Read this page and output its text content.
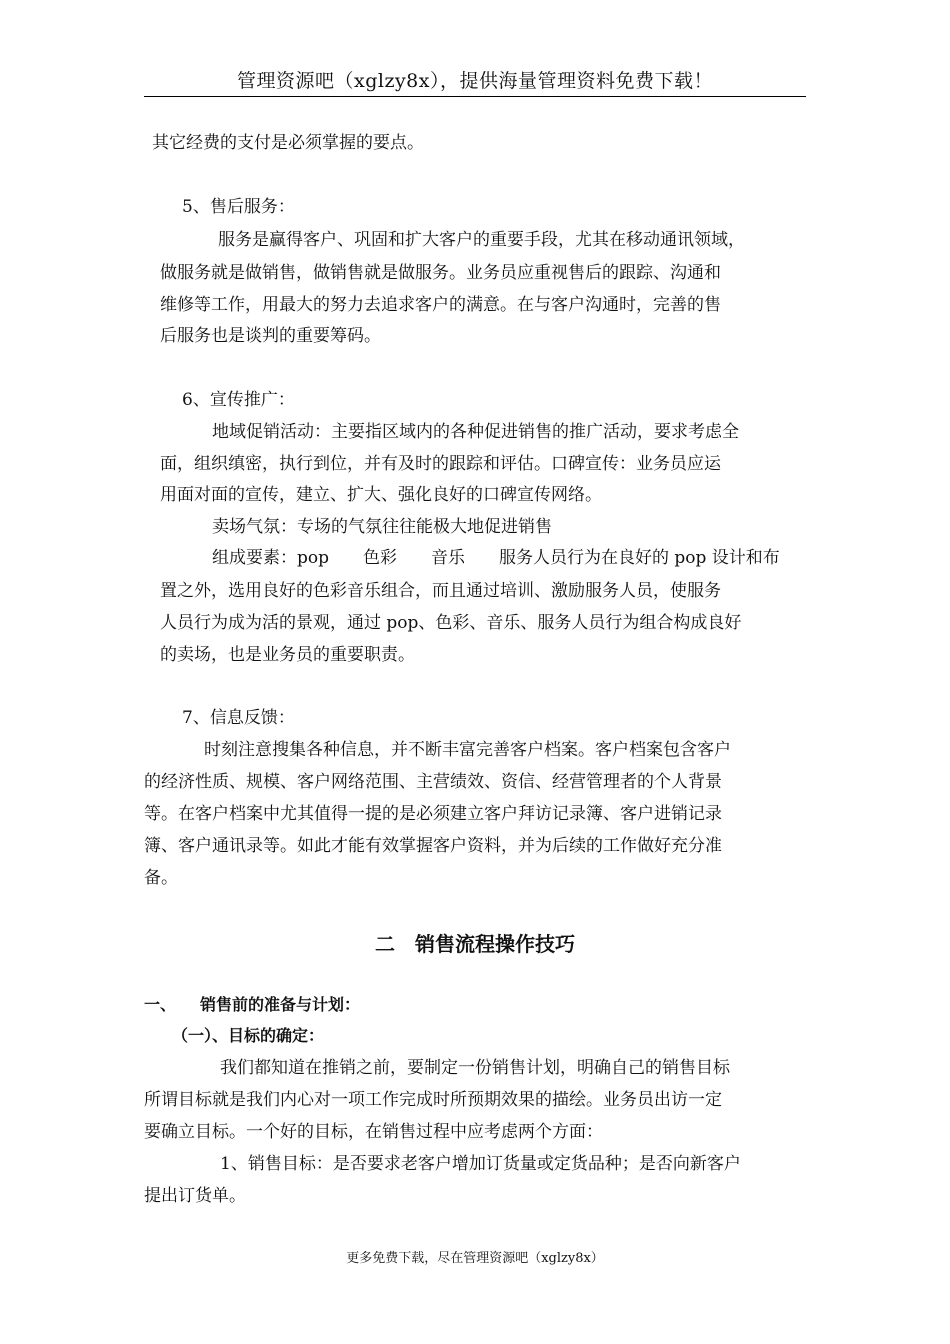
管理资源吧（xglzy8x），提供海量管理资料免费下载！
其它经费的支付是必须掌握的要点。
5、售后服务：
服务是赢得客户、巩固和扩大客户的重要手段，尤其在移动通讯领域，
做服务就是做销售，做销售就是做服务。业务员应重视售后的跟踪、沟通和
维修等工作，用最大的努力去追求客户的满意。在与客户沟通时，完善的售
后服务也是谈判的重要筹码。
6、宣传推广：
地域促销活动：主要指区域内的各种促进销售的推广活动，要求考虑全
面，组织缜密，执行到位，并有及时的跟踪和评估。口碑宣传：业务员应运
用面对面的宣传，建立、扩大、强化良好的口碑宣传网络。
卖场气氛：专场的气氛往往能极大地促进销售
组成要素：pop　　色彩　　音乐　　服务人员行为在良好的 pop 设计和布
置之外，选用良好的色彩音乐组合，而且通过培训、激励服务人员，使服务
人员行为成为活的景观，通过 pop、色彩、音乐、服务人员行为组合构成良好
的卖场，也是业务员的重要职责。
7、信息反馈：
时刻注意搜集各种信息，并不断丰富完善客户档案。客户档案包含客户
的经济性质、规模、客户网络范围、主营绩效、资信、经营管理者的个人背景
等。在客户档案中尤其值得一提的是必须建立客户拜访记录簿、客户进销记录
簿、客户通讯录等。如此才能有效掌握客户资料，并为后续的工作做好充分准
备。
二　销售流程操作技巧
一、 销售前的准备与计划：
（一）、目标的确定：
我们都知道在推销之前，要制定一份销售计划，明确自己的销售目标
所谓目标就是我们内心对一项工作完成时所预期效果的描绘。业务员出访一定
要确立目标。一个好的目标，在销售过程中应考虑两个方面：
1、销售目标：是否要求老客户增加订货量或定货品种；是否向新客户
提出订货单。
更多免费下载，尽在管理资源吧（xglzy8x）
